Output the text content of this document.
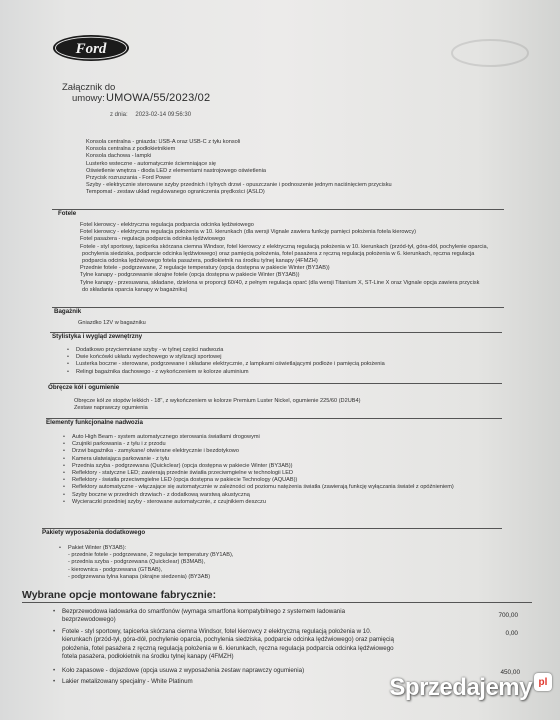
Ford
Załącznik do
umowy: UMOWA/55/2023/02
z dnia: 2023-02-14 09:56:30
Konsola centralna - gniazda: USB-A oraz USB-C z tyłu konsoli
Konsola centralna z podłokietnikiem
Konsola dachowa - lampki
Lusterko wsteczne - automatycznie ściemniające się
Oświetlenie wnętrza - dioda LED z elementami nastrojowego oświetlenia
Przycisk rozruszania - Ford Power
Szyby - elektrycznie sterowane szyby przednich i tylnych drzwi - opuszczanie i podnoszenie jednym naciśnięciem przycisku
Tempomat - zestaw układ regulowanego ograniczenia prędkości (ASLD)
Fotele
Fotel kierowcy - elektryczna regulacja podparcia odcinka lędźwiowego
Fotel kierowcy - elektryczna regulacja położenia w 10. kierunkach (dla wersji Vignale zawiera funkcję pamięci położenia fotela kierowcy)
Fotel pasażera - regulacja podparcia odcinka lędźwiowego
Fotele - styl sportowy, tapicerka skórzana ciemna Windsor, fotel kierowcy z elektryczną regulacją położenia w 10. kierunkach (przód-tył, góra-dół, pochylenie oparcia,
pochylenia siedziska, podparcie odcinka lędźwiowego) oraz pamięcią położenia, fotel pasażera z ręczną regulacją położenia w 6. kierunkach, ręczna regulacja
podparcia odcinka lędźwiowego fotela pasażera, podłokietnik na środku tylnej kanapy (4FMZH)
Przednie fotele - podgrzewane, 2 regulacje temperatury (opcja dostępna w pakiecie Winter (BY3AB))
Tylne kanapy - podgrzewanie skrajne fotele (opcja dostępna w pakiecie Winter (BY3AB))
Tylne kanapy - przesuwana, składane, dzielona w proporcji 60/40, z pełnym regulacja oparć (dla wersji Titanium X, ST-Line X oraz Vignale opcja zawiera przycisk
do składania oparcia kanapy w bagażniku)
Bagażnik
Gniazdko 12V w bagażniku
Stylistyka i wygląd zewnętrzny
• Dodatkowo przyciemniane szyby - w tylnej części nadwozia
• Dwie końcówki układu wydechowego w stylizacji sportowej
• Lusterka boczne - sterowane, podgrzewane i składane elektrycznie, z lampkami oświetlającymi podłoże i pamięcią położenia
• Relingi bagażnika dachowego - z wykończeniem w kolorze aluminium
Obręcze kół i ogumienie
Obręcze kół ze stopów lekkich - 18", z wykończeniem w kolorze Premium Luster Nickel, ogumienie 225/60 (D2UB4)
Zestaw naprawczy ogumienia
Elementy funkcjonalne nadwozia
• Auto High Beam - system automatycznego sterowania światłami drogowymi
• Czujniki parkowania - z tyłu i z przodu
• Drzwi bagażnika - zamykane/ otwierane elektrycznie i bezdotykowo
• Kamera ułatwiająca parkowanie - z tyłu
• Przednia szyba - podgrzewana (Quickclear) (opcja dostępna w pakiecie Winter (BY3AB))
• Reflektory - statyczne LED; zawierają przednie światła przeciwmgielne w technologii LED
• Reflektory - światła przeciwmgielne LED (opcja dostępna w pakiecie Technology (AQUAB))
• Reflektory automatyczne - włączające się automatycznie w zależności od poziomu natężenia światła (zawierają funkcję wyłączania świateł z opóźnieniem)
• Szyby boczne w przednich drzwiach - z dodatkową warstwą akustyczną
• Wycieraczki przedniej szyby - sterowane automatycznie, z czujnikiem deszczu
Pakiety wyposażenia dodatkowego
• Pakiet Winter (BY3AB):
- przednie fotele - podgrzewane, 2 regulacje temperatury (BY1AB),
- przednia szyba - podgrzewana (Quickclear) (B3MAB),
- kierownica - podgrzewana (GTBAB),
- podgrzewana tylna kanapa (skrajne siedzenia) (BY3AB)
Wybrane opcje montowane fabrycznie:
• Bezprzewodowa ładowarka do smartfonów (wymaga smartfona kompatybilnego z systemem ładowania
bezprzewodowego)
700,00
• Fotele - styl sportowy, tapicerka skórzana ciemna Windsor, fotel kierowcy z elektryczną regulacją położenia w 10.
kierunkach (przód-tył, góra-dół, pochylenie oparcia, pochylenia siedziska, podparcie odcinka lędźwiowego) oraz pamięcią
położenia, fotel pasażera z ręczną regulacją położenia w 6. kierunkach, ręczna regulacja podparcia odcinka lędźwiowego
fotela pasażera, podłokietnik na środku tylnej kanapy (4FMZH)
0,00
• Koło zapasowe - dojazdowe (opcja usuwa z wyposażenia zestaw naprawczy ogumienia)	450,00
• Lakier metalizowany specjalny - White Platinum	Sprzedajemy pl
